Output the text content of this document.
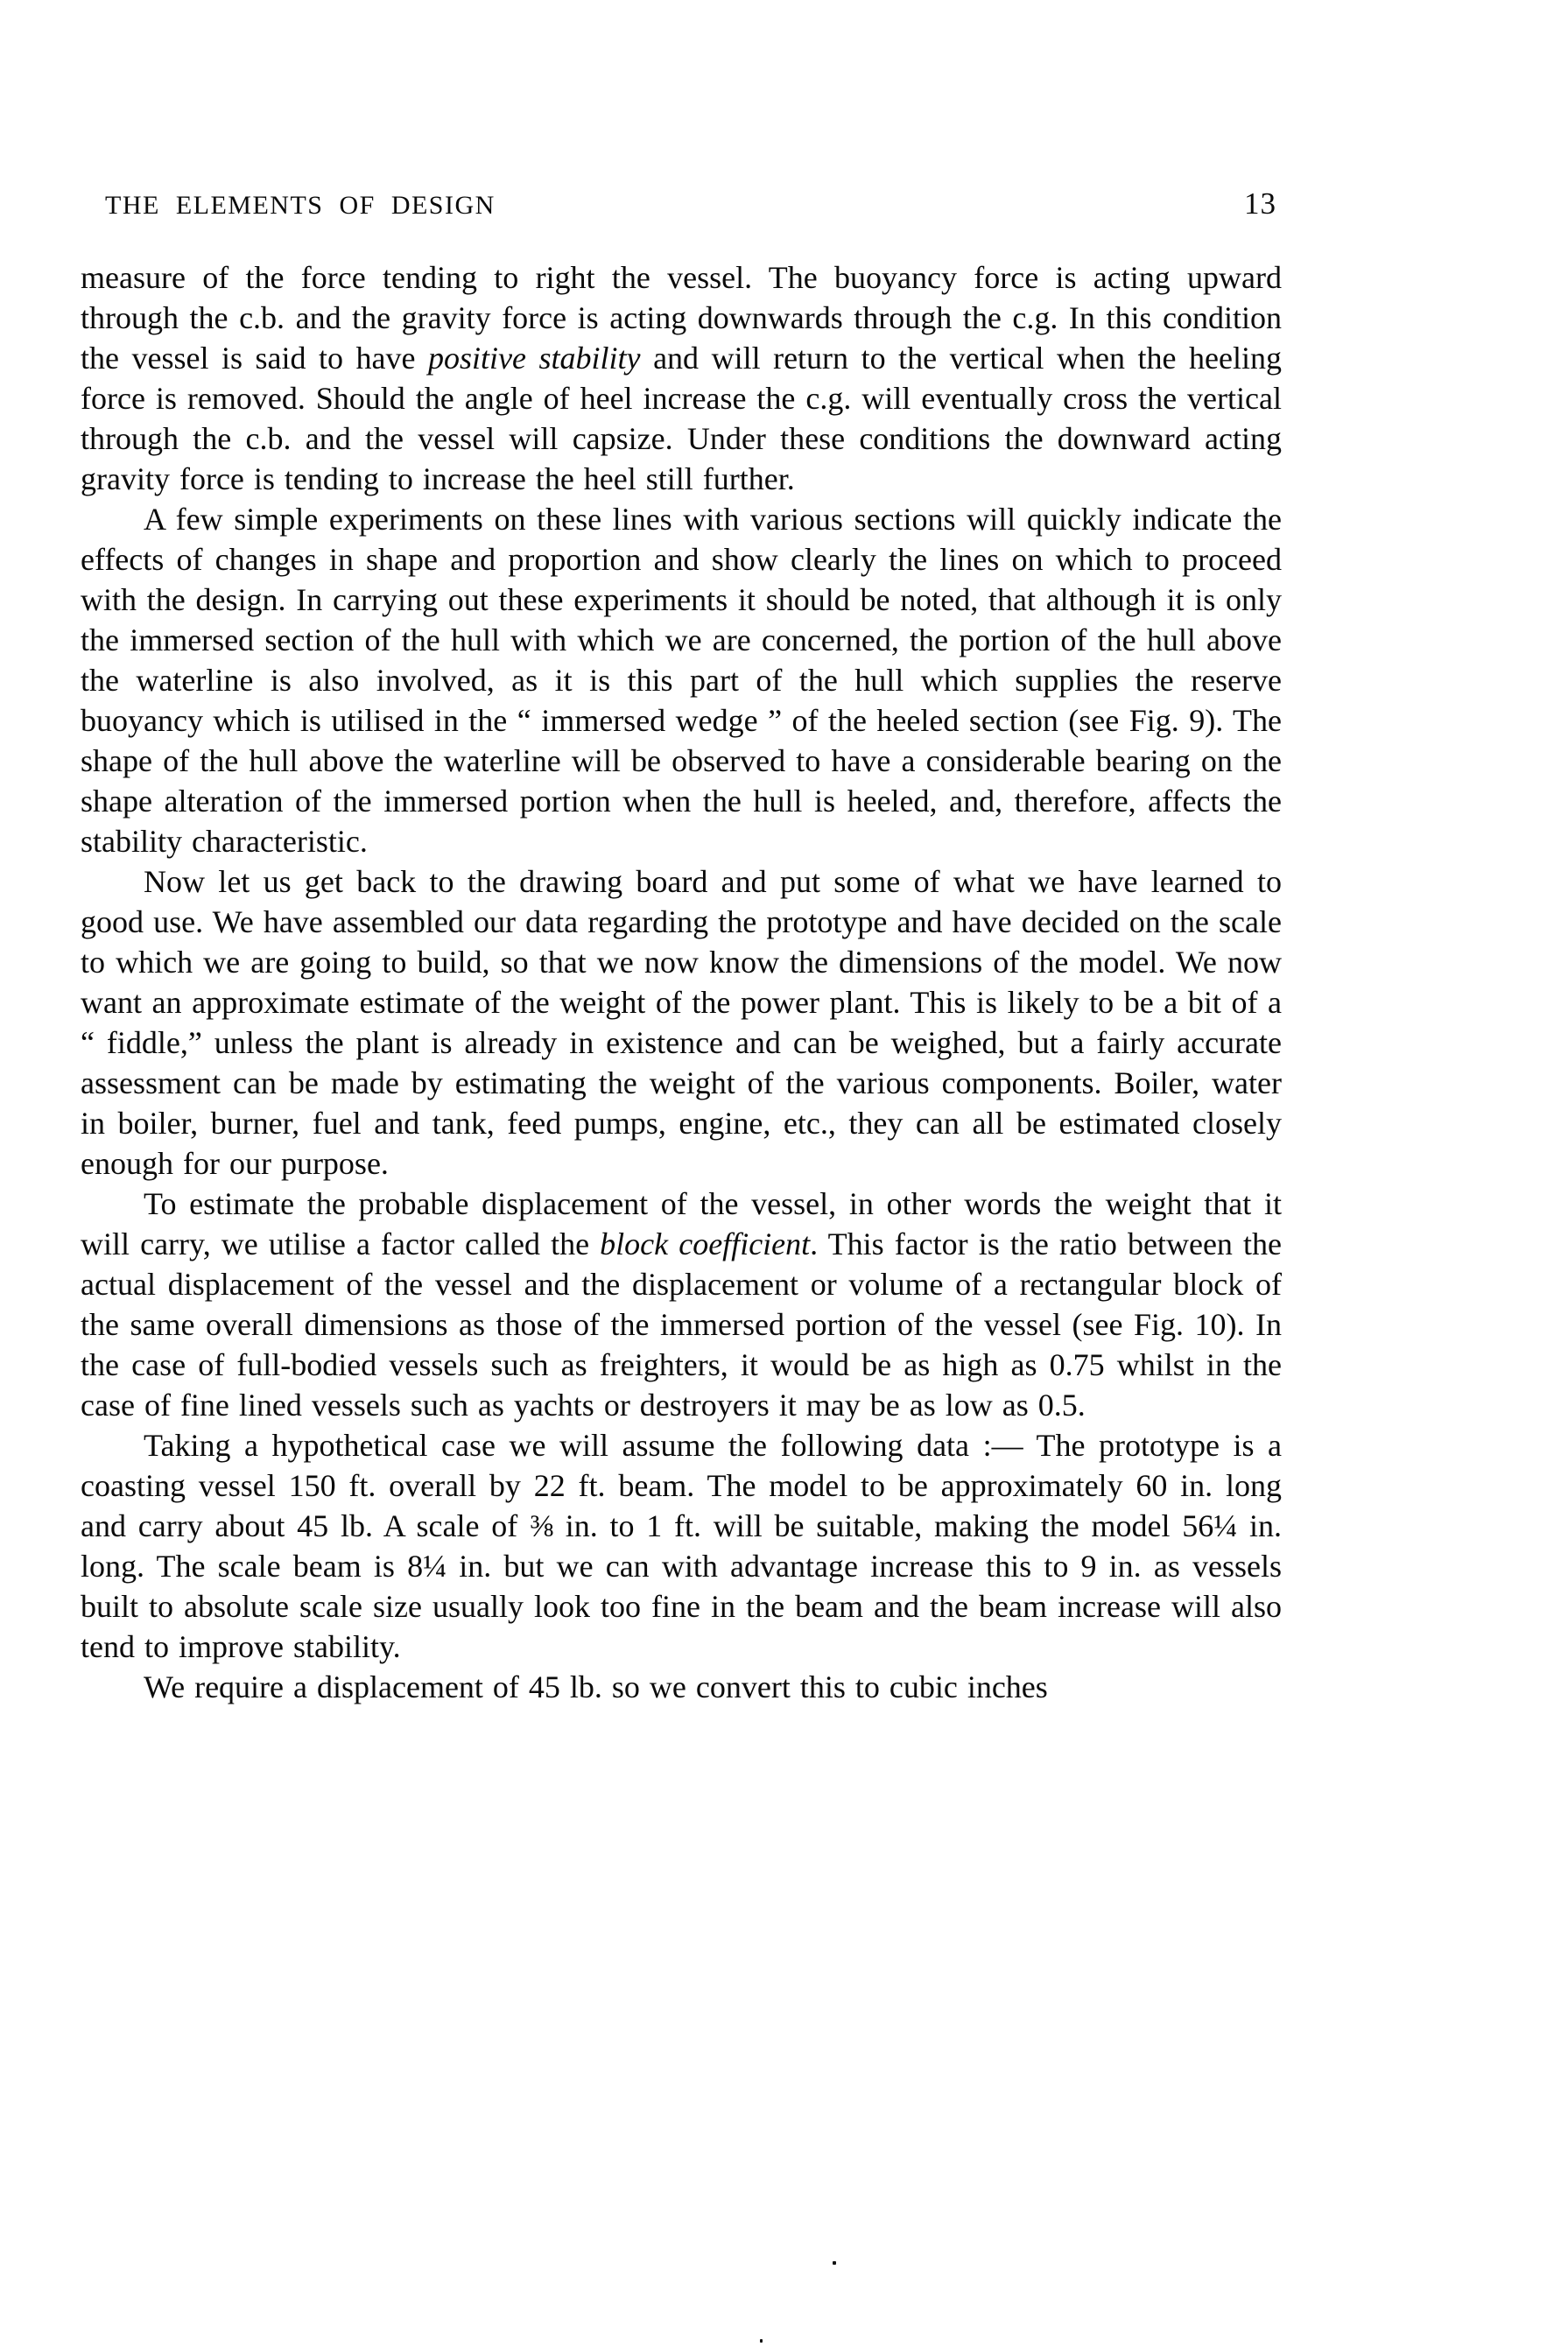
THE ELEMENTS OF DESIGN	13

measure of the force tending to right the vessel. The buoyancy force is acting upward through the c.b. and the gravity force is acting downwards through the c.g. In this condition the vessel is said to have positive stability and will return to the vertical when the heeling force is removed. Should the angle of heel increase the c.g. will eventually cross the vertical through the c.b. and the vessel will capsize. Under these conditions the downward acting gravity force is tending to increase the heel still further.

A few simple experiments on these lines with various sections will quickly indicate the effects of changes in shape and proportion and show clearly the lines on which to proceed with the design. In carrying out these experiments it should be noted, that although it is only the immersed section of the hull with which we are concerned, the portion of the hull above the waterline is also involved, as it is this part of the hull which supplies the reserve buoyancy which is utilised in the “ immersed wedge ” of the heeled section (see Fig. 9). The shape of the hull above the waterline will be observed to have a considerable bearing on the shape alteration of the immersed portion when the hull is heeled, and, therefore, affects the stability characteristic.

Now let us get back to the drawing board and put some of what we have learned to good use. We have assembled our data regarding the prototype and have decided on the scale to which we are going to build, so that we now know the dimensions of the model. We now want an approximate estimate of the weight of the power plant. This is likely to be a bit of a “ fiddle,” unless the plant is already in existence and can be weighed, but a fairly accurate assessment can be made by estimating the weight of the various components. Boiler, water in boiler, burner, fuel and tank, feed pumps, engine, etc., they can all be estimated closely enough for our purpose.

To estimate the probable displacement of the vessel, in other words the weight that it will carry, we utilise a factor called the block coefficient. This factor is the ratio between the actual displacement of the vessel and the displacement or volume of a rectangular block of the same overall dimensions as those of the immersed portion of the vessel (see Fig. 10). In the case of full-bodied vessels such as freighters, it would be as high as 0.75 whilst in the case of fine lined vessels such as yachts or destroyers it may be as low as 0.5.

Taking a hypothetical case we will assume the following data :— The prototype is a coasting vessel 150 ft. overall by 22 ft. beam. The model to be approximately 60 in. long and carry about 45 lb. A scale of ⅜ in. to 1 ft. will be suitable, making the model 56¼ in. long. The scale beam is 8¼ in. but we can with advantage increase this to 9 in. as vessels built to absolute scale size usually look too fine in the beam and the beam increase will also tend to improve stability.

We require a displacement of 45 lb. so we convert this to cubic inches
